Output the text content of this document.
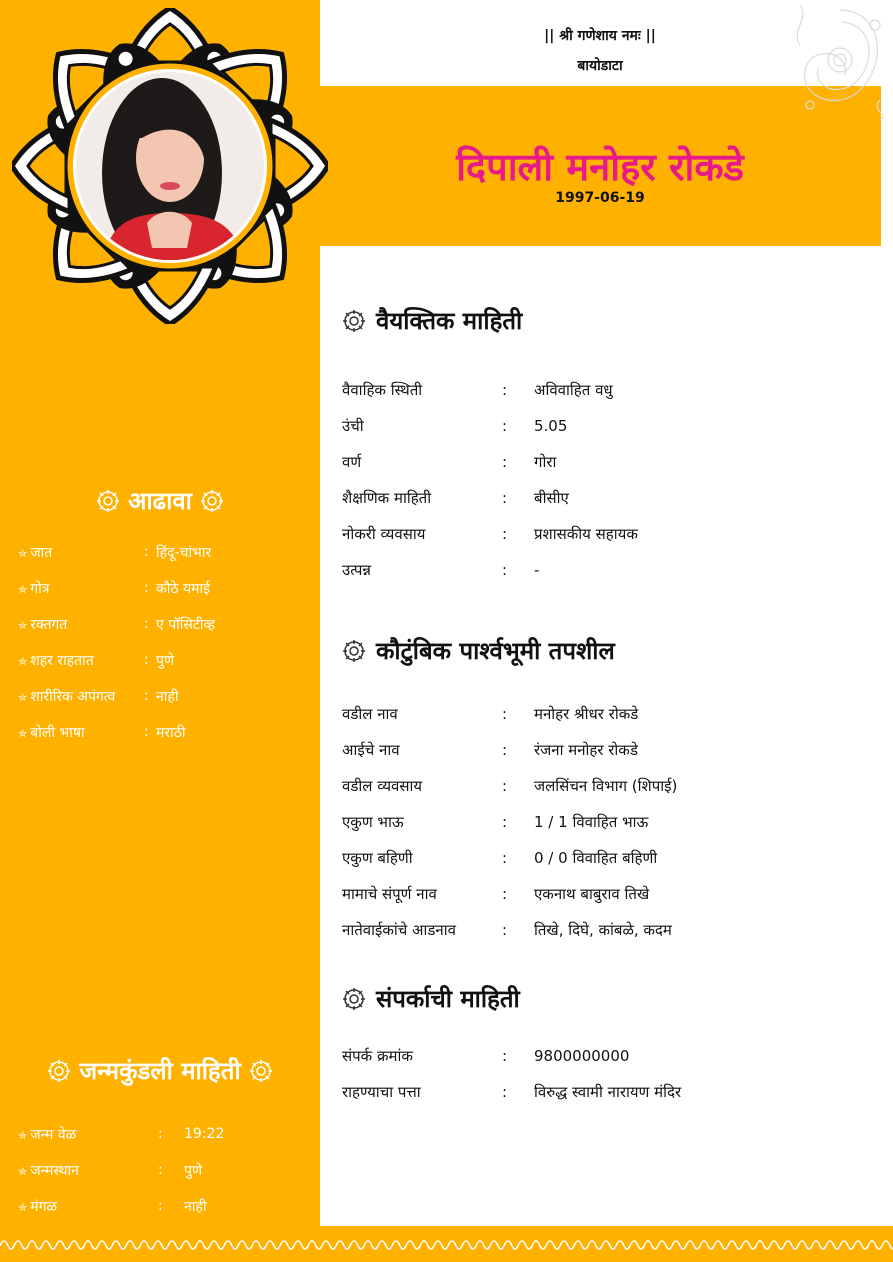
|| श्री गणेशाय नमः ||
बायोडाटा
दिपाली मनोहर रोकडे
1997-06-19
आढावा
✮ जात	: हिंदू-चांभार
✮ गोत्र	: कौठे यमाई
✮ रक्तगत	: ए पॉसिटीव्ह
✮ शहर राहतात	: पुणे
✮ शारीरिक अपंगत्व	: नाही
✮ बोली भाषा	: मराठी
जन्मकुंडली माहिती
✮ जन्म वेळ	:	19:22
✮ जन्मस्थान	:	पुणे
✮ मंगळ	:	नाही
वैयक्तिक माहिती
वैवाहिक स्थिती	:	अविवाहित वधु
उंची	:	5.05
वर्ण	:	गोरा
शैक्षणिक माहिती	:	बीसीए
नोकरी व्यवसाय	:	प्रशासकीय सहायक
उत्पन्न	:	-
कौटुंबिक पार्श्वभूमी तपशील
वडील नाव	:	मनोहर श्रीधर रोकडे
आईचे नाव	:	रंजना मनोहर रोकडे
वडील व्यवसाय	:	जलसिंचन विभाग (शिपाई)
एकुण भाऊ	:	1 / 1 विवाहित भाऊ
एकुण बहिणी	:	0 / 0 विवाहित बहिणी
मामाचे संपूर्ण नाव	:	एकनाथ बाबुराव तिखे
नातेवाईकांचे आडनाव	:	तिखे, दिघे, कांबळे, कदम
संपर्काची माहिती
संपर्क क्रमांक	:	9800000000
राहण्याचा पत्ता	:	विरुद्ध स्वामी नारायण मंदिर
